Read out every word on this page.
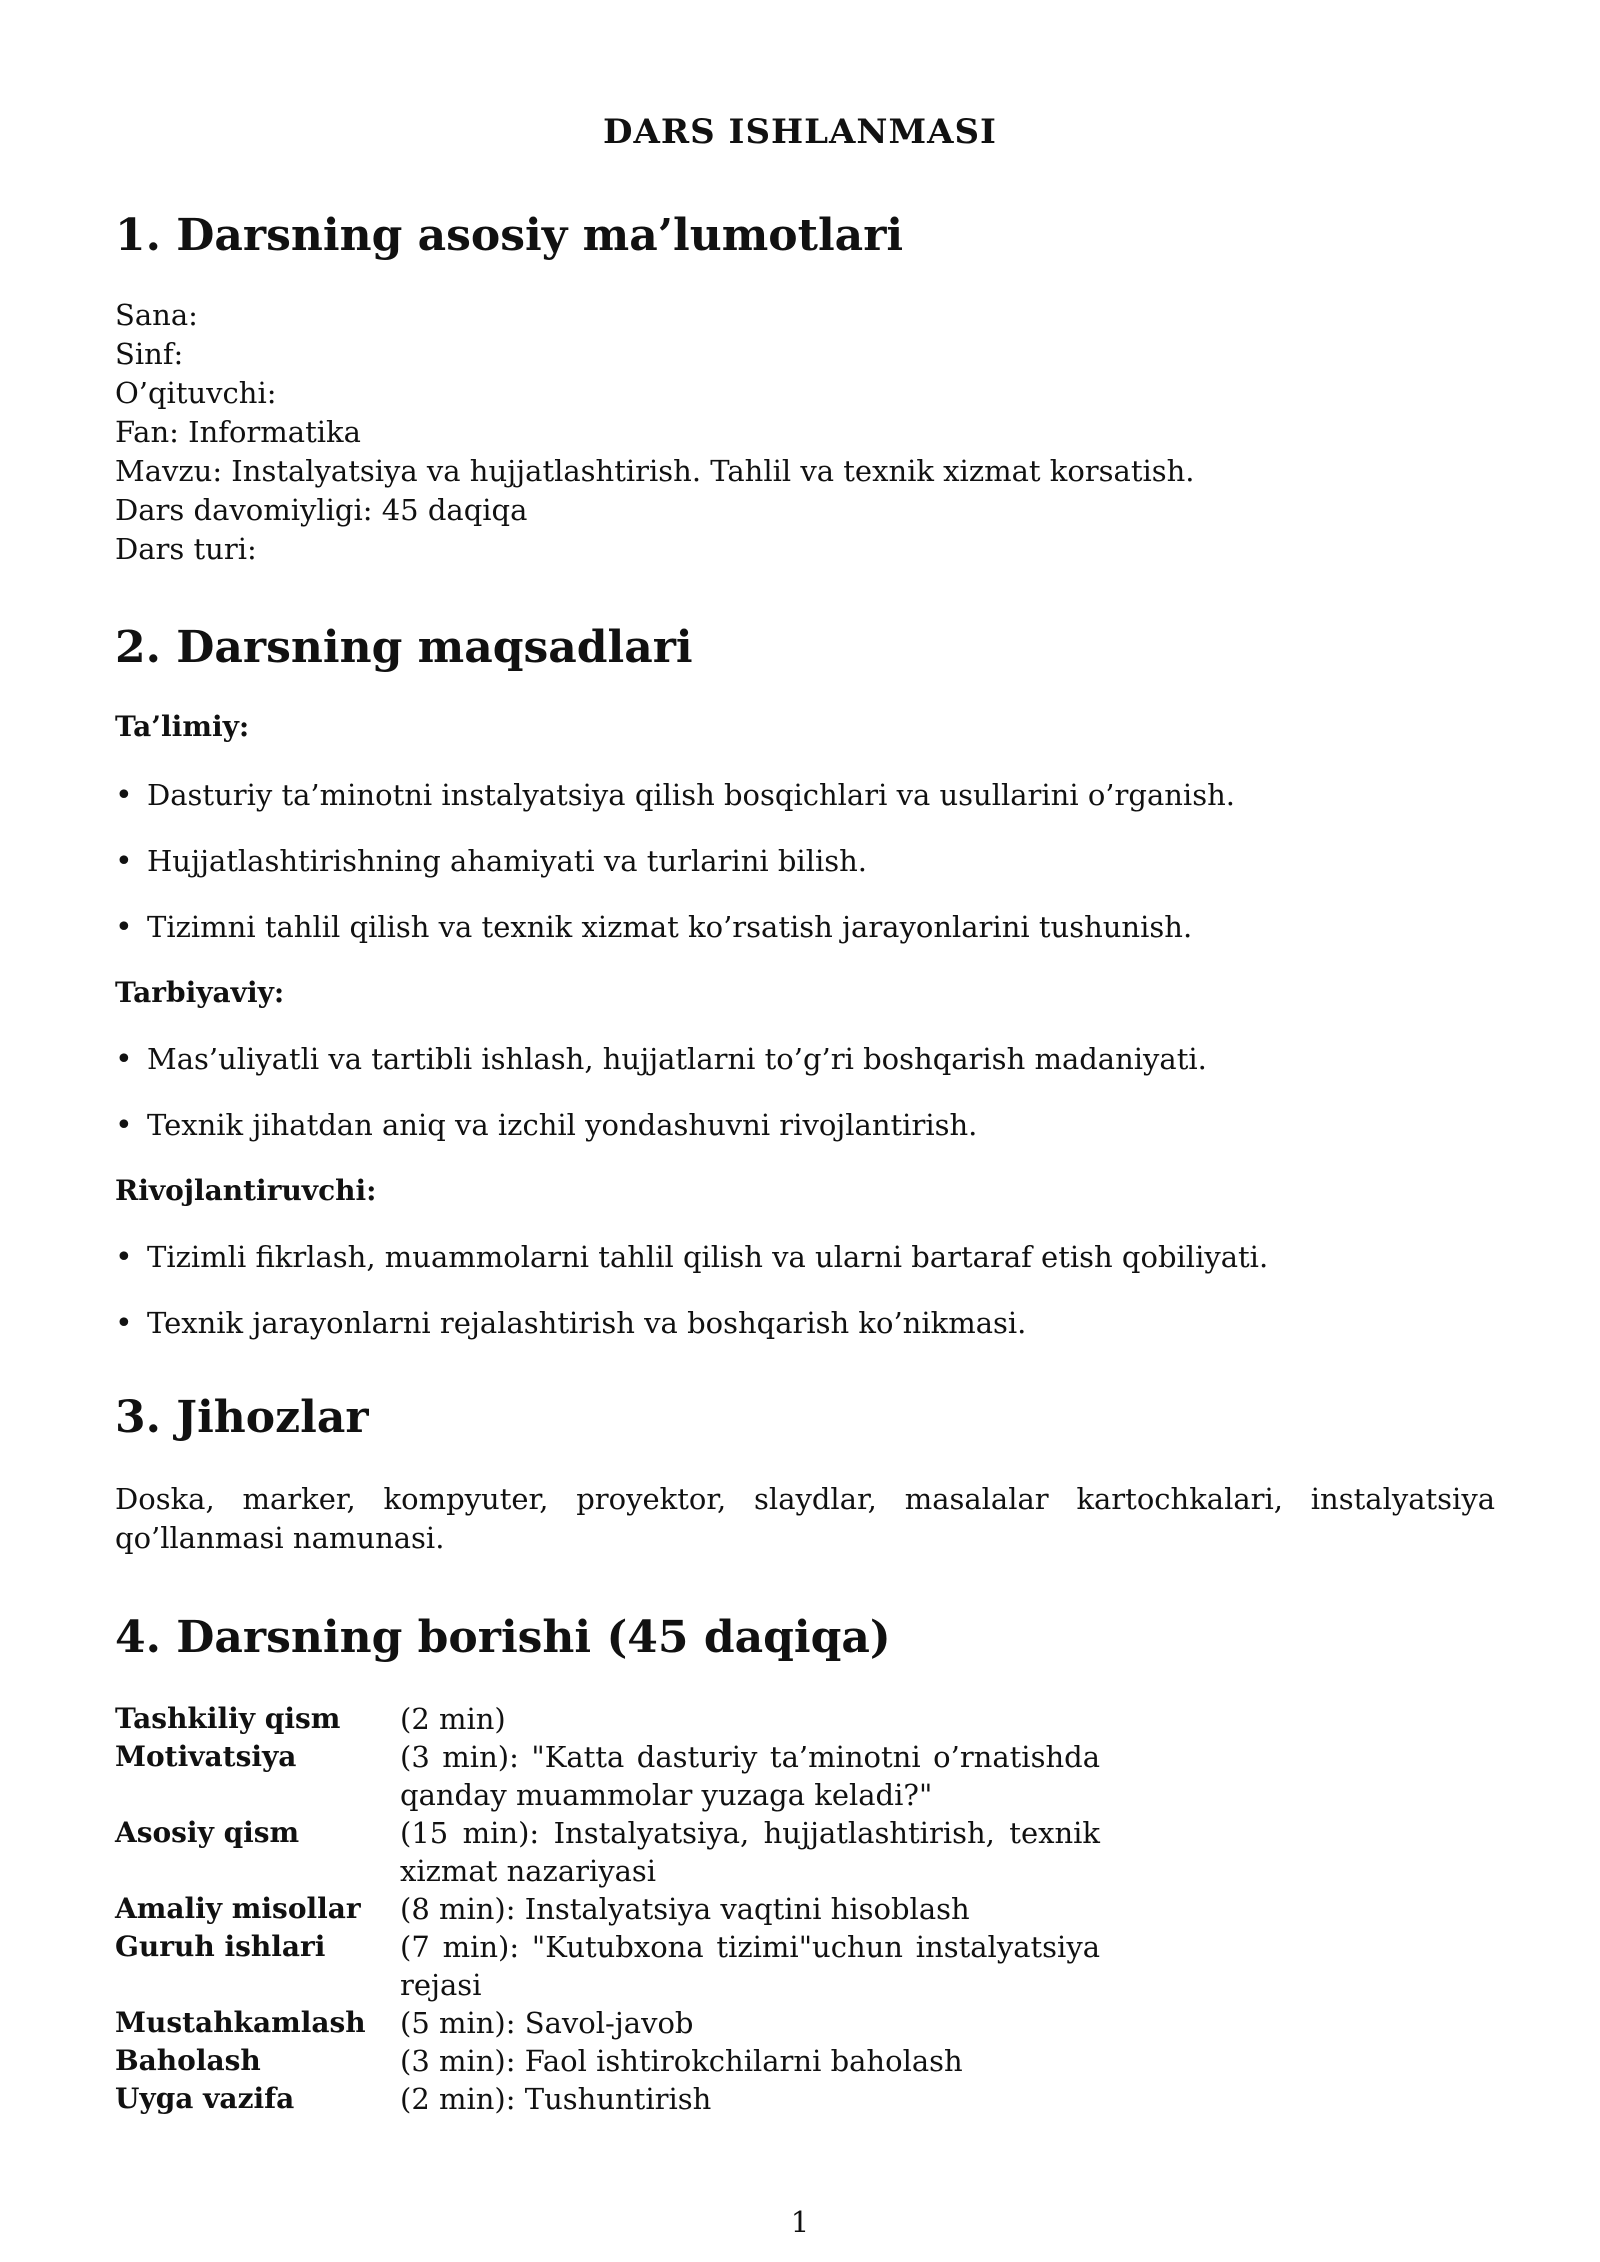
DARS ISHLANMASI
1. Darsning asosiy ma’lumotlari
Sana:
Sinf:
O’qituvchi:
Fan: Informatika
Mavzu: Instalyatsiya va hujjatlashtirish. Tahlil va texnik xizmat korsatish.
Dars davomiyligi: 45 daqiqa
Dars turi:
2. Darsning maqsadlari
Ta’limiy:
• Dasturiy ta’minotni instalyatsiya qilish bosqichlari va usullarini o’rganish.
• Hujjatlashtirishning ahamiyati va turlarini bilish.
• Tizimni tahlil qilish va texnik xizmat ko’rsatish jarayonlarini tushunish.
Tarbiyaviy:
• Mas’uliyatli va tartibli ishlash, hujjatlarni to’g’ri boshqarish madaniyati.
• Texnik jihatdan aniq va izchil yondashuvni rivojlantirish.
Rivojlantiruvchi:
• Tizimli fikrlash, muammolarni tahlil qilish va ularni bartaraf etish qobiliyati.
• Texnik jarayonlarni rejalashtirish va boshqarish ko’nikmasi.
3. Jihozlar
Doska, marker, kompyuter, proyektor, slaydlar, masalalar kartochkalari, instalyatsiya qo’llanmasi namunasi.
4. Darsning borishi (45 daqiqa)
Tashkiliy qism	(2 min)
Motivatsiya	(3 min): "Katta dasturiy ta’minotni o’rnatishda qanday muammolar yuzaga keladi?"
Asosiy qism	(15 min): Instalyatsiya, hujjatlashtirish, texnik xizmat nazariyasi
Amaliy misollar	(8 min): Instalyatsiya vaqtini hisoblash
Guruh ishlari	(7 min): "Kutubxona tizimi"uchun instalyatsiya rejasi
Mustahkamlash	(5 min): Savol-javob
Baholash	(3 min): Faol ishtirokchilarni baholash
Uyga vazifa	(2 min): Tushuntirish
1
